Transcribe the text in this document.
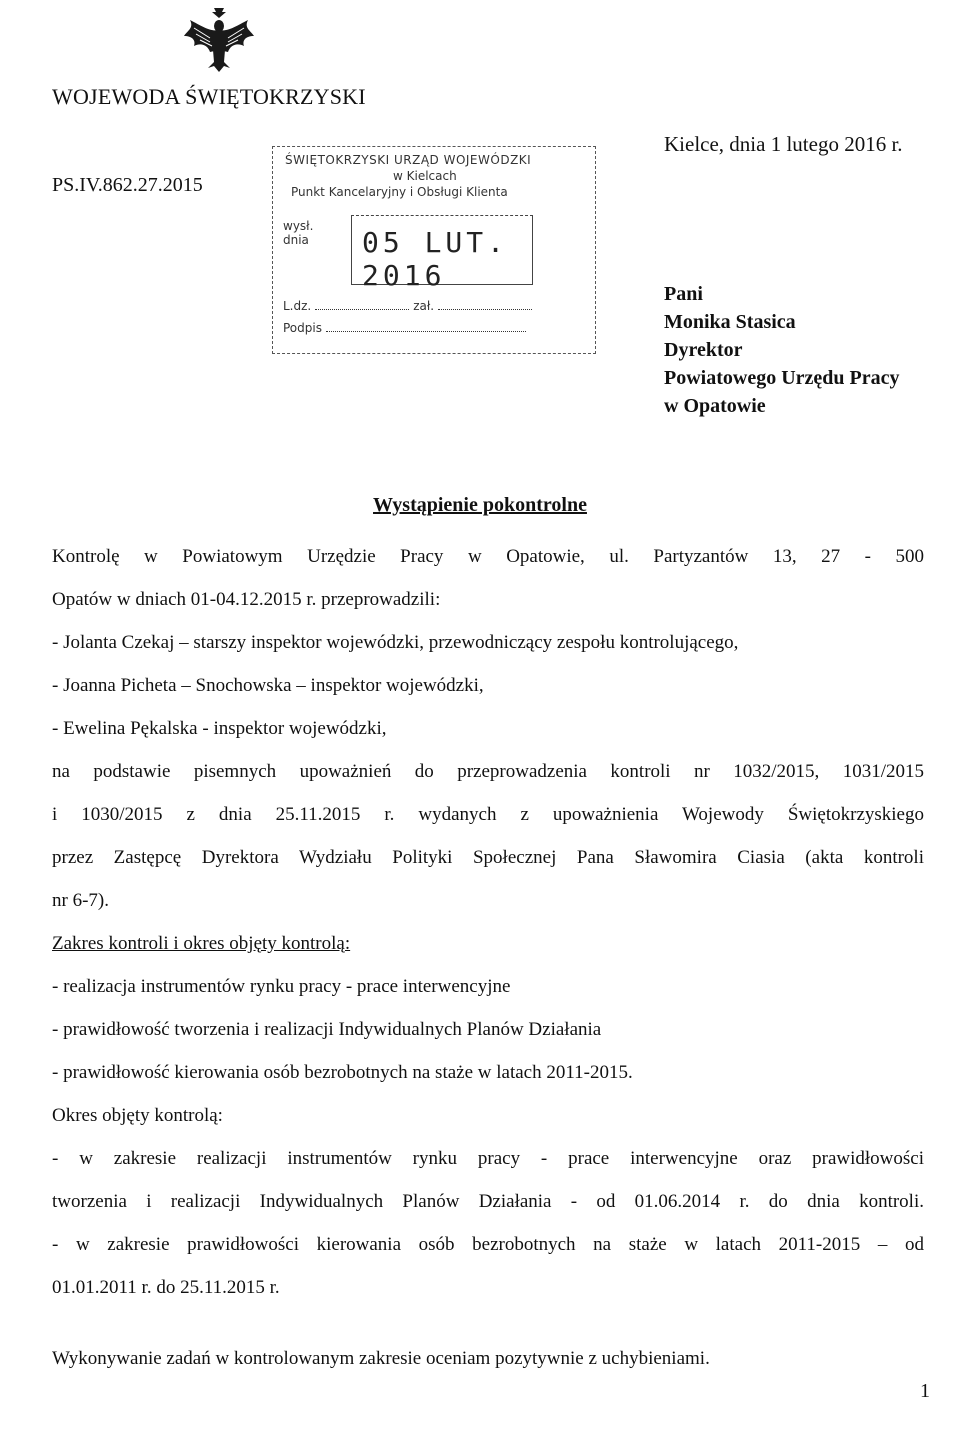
WOJEWODA ŚWIĘTOKRZYSKI
PS.IV.862.27.2015
Kielce, dnia 1 lutego 2016 r.
ŚWIĘTOKRZYSKI URZĄD WOJEWÓDZKI
w Kielcach
Punkt Kancelaryjny i Obsługi Klienta
wysł.
dnia 05 LUT. 2016
L.dz.	zał.
Podpis
Pani
Monika Stasica
Dyrektor
Powiatowego Urzędu Pracy
w Opatowie
Wystąpienie pokontrolne
Kontrolę w Powiatowym Urzędzie Pracy w Opatowie, ul. Partyzantów 13, 27 - 500
Opatów w dniach 01-04.12.2015 r. przeprowadzili:
- Jolanta Czekaj – starszy inspektor wojewódzki, przewodniczący zespołu kontrolującego,
- Joanna Picheta – Snochowska – inspektor wojewódzki,
- Ewelina Pękalska - inspektor wojewódzki,
na podstawie pisemnych upoważnień do przeprowadzenia kontroli nr 1032/2015, 1031/2015
i 1030/2015 z dnia 25.11.2015 r. wydanych z upoważnienia Wojewody Świętokrzyskiego
przez Zastępcę Dyrektora Wydziału Polityki Społecznej Pana Sławomira Ciasia (akta kontroli
nr 6-7).
Zakres kontroli i okres objęty kontrolą:
- realizacja instrumentów rynku pracy - prace interwencyjne
- prawidłowość tworzenia i realizacji Indywidualnych Planów Działania
- prawidłowość kierowania osób bezrobotnych na staże w latach 2011-2015.
Okres objęty kontrolą:
- w zakresie realizacji instrumentów rynku pracy - prace interwencyjne oraz prawidłowości
tworzenia i realizacji Indywidualnych Planów Działania - od 01.06.2014 r. do dnia kontroli.
- w zakresie prawidłowości kierowania osób bezrobotnych na staże w latach 2011-2015 – od
01.01.2011 r. do 25.11.2015 r.
Wykonywanie zadań w kontrolowanym zakresie oceniam pozytywnie z uchybieniami.
1
